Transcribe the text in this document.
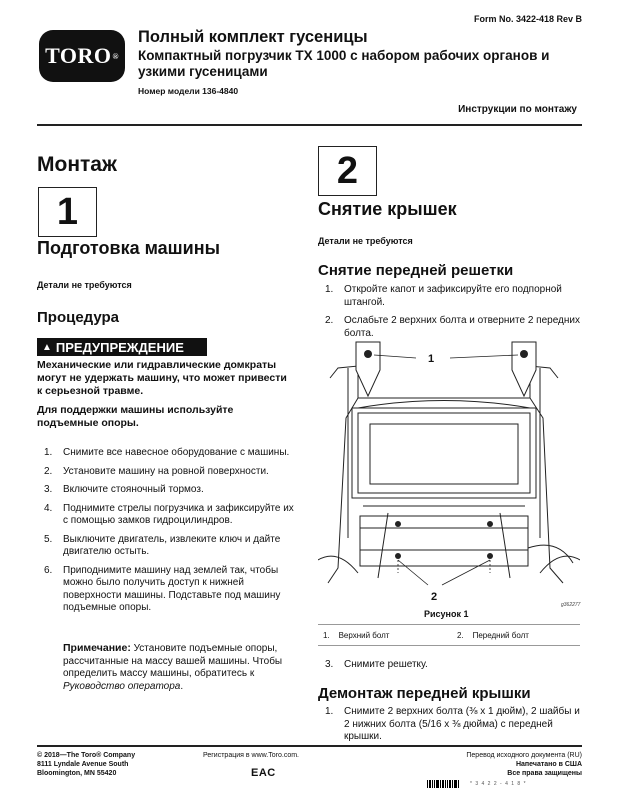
TORO ®
Form No. 3422-418 Rev B
Полный комплект гусеницы
Компактный погрузчик TX 1000 с набором рабочих органов и узкими гусеницами
Номер модели 136-4840
Инструкции по монтажу
Монтаж
1
Подготовка машины
Детали не требуются
Процедура
▲ ПРЕДУПРЕЖДЕНИЕ

Механические или гидравлические домкраты могут не удержать машину, что может привести к серьезной травме.

Для поддержки машины используйте подъемные опоры.

1. Снимите все навесное оборудование с машины.
2. Установите машину на ровной поверхности.
3. Включите стояночный тормоз.
4. Поднимите стрелы погрузчика и зафиксируйте их с помощью замков гидроцилиндров.
5. Выключите двигатель, извлеките ключ и дайте двигателю остыть.
6. Приподнимите машину над землей так, чтобы можно было получить доступ к нижней поверхности машины. Подставьте под машину подъемные опоры.
Примечание: Установите подъемные опоры, рассчитанные на массу вашей машины. Чтобы определить массу машины, обратитесь к Руководство оператора.
2
Снятие крышек
Детали не требуются
Снятие передней решетки
1. Откройте капот и зафиксируйте его подпорной штангой.
2. Ослабьте 2 верхних болта и отверните 2 передних болта.
1
2
g362277
Рисунок 1
1. Верхний болт	2. Передний болт
3. Снимите решетку.
Демонтаж передней крышки
1. Снимите 2 верхних болта (⅜ x 1 дюйм), 2 шайбы и 2 нижних болта (5/16 x ⅜ дюйма) с передней крышки.
© 2018—The Toro® Company
8111 Lyndale Avenue South
Bloomington, MN 55420
Регистрация в www.Toro.com.
EAC
Перевод исходного документа (RU)
Напечатано в США
Все права защищены
* 3 4 2 2 - 4 1 8 *
